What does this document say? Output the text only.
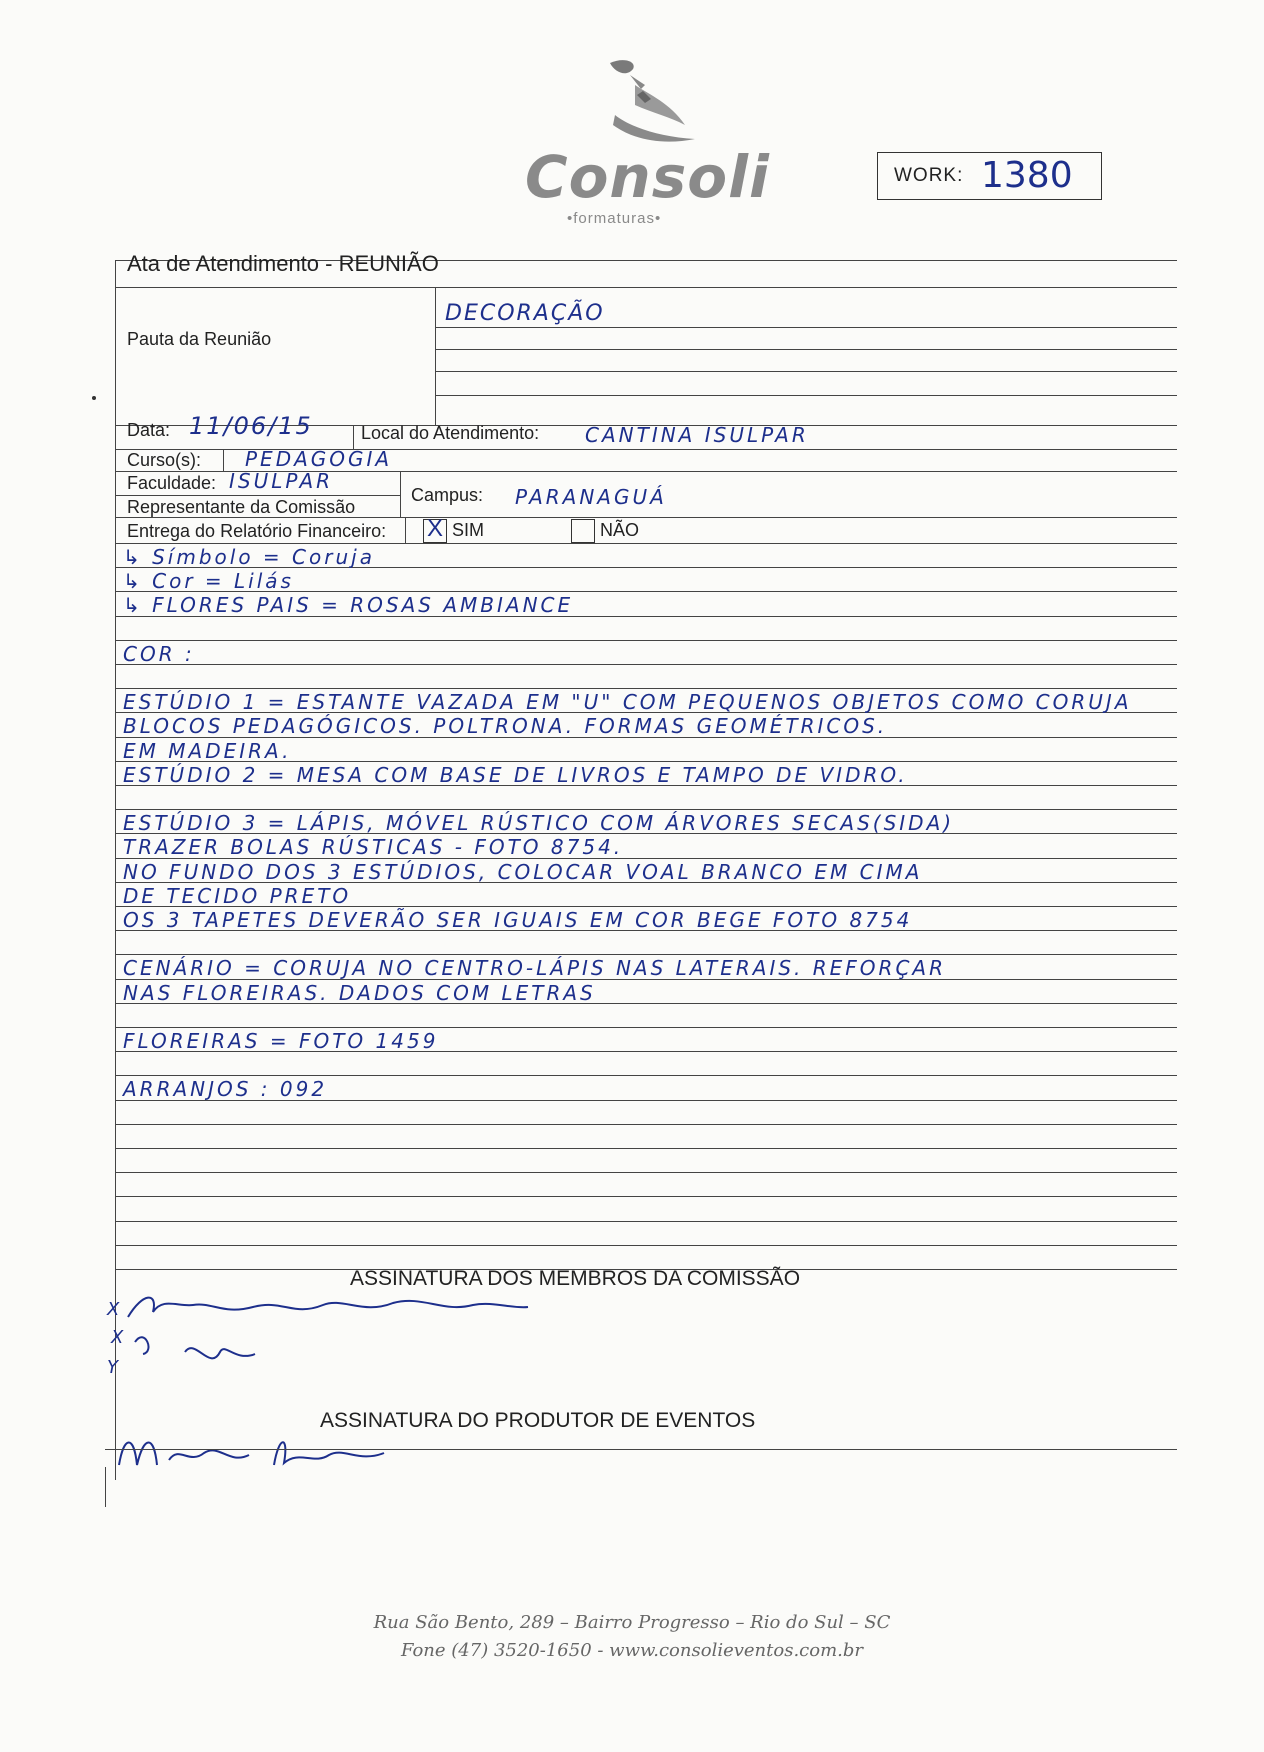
Consoli
•formaturas•
WORK: 1380
Ata de Atendimento - REUNIÃO
Pauta da Reunião
DECORAÇÃO
Data: 11/06/15	Local do Atendimento: CANTINA ISULPAR
Curso(s): PEDAGOGIA
Faculdade: ISULPAR
Campus: PARANAGUÁ
Representante da Comissão
Entrega do Relatório Financeiro: X SIM	NÃO
↳ Símbolo = Coruja
↳ Cor = Lilás
↳ FLORES PAIS = ROSAS AMBIANCE
COR :
ESTÚDIO 1 = ESTANTE VAZADA EM "U" COM PEQUENOS OBJETOS COMO CORUJA
BLOCOS PEDAGÓGICOS. POLTRONA. FORMAS GEOMÉTRICOS.
EM MADEIRA.
ESTÚDIO 2 = MESA COM BASE DE LIVROS E TAMPO DE VIDRO.
ESTÚDIO 3 = LÁPIS, MÓVEL RÚSTICO COM ÁRVORES SECAS(SIDA)
TRAZER BOLAS RÚSTICAS - FOTO 8754.
NO FUNDO DOS 3 ESTÚDIOS, COLOCAR VOAL BRANCO EM CIMA
DE TECIDO PRETO
OS 3 TAPETES DEVERÃO SER IGUAIS EM COR BEGE FOTO 8754
CENÁRIO = CORUJA NO CENTRO-LÁPIS NAS LATERAIS. REFORÇAR
NAS FLOREIRAS. DADOS COM LETRAS
FLOREIRAS = FOTO 1459
ARRANJOS : 092
ASSINATURA DOS MEMBROS DA COMISSÃO
X
X
Y
ASSINATURA DO PRODUTOR DE EVENTOS
Rua São Bento, 289 – Bairro Progresso – Rio do Sul – SC
Fone (47) 3520-1650 - www.consolieventos.com.br
